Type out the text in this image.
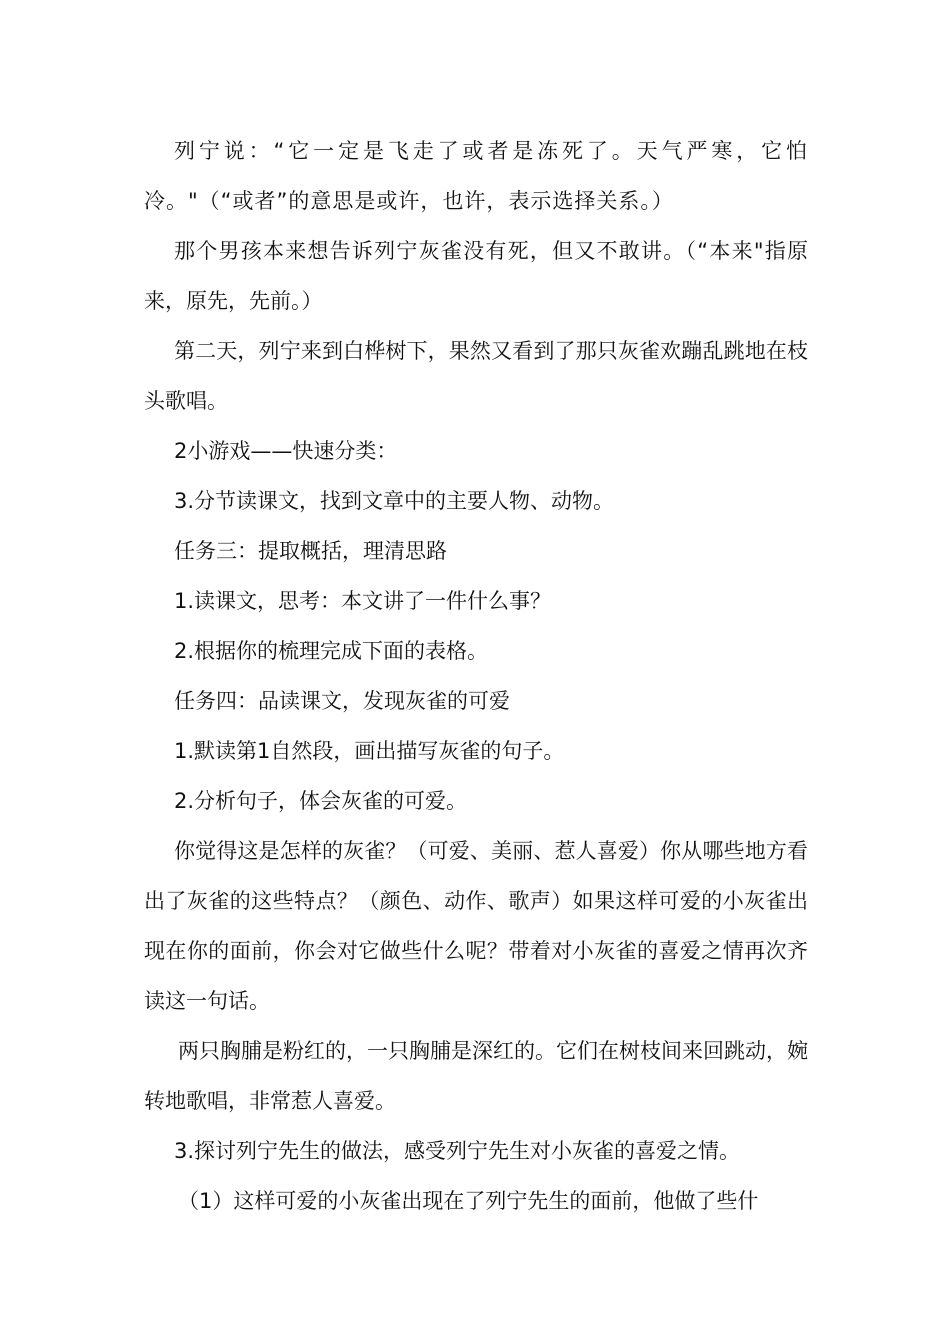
列宁说：“它一定是飞走了或者是冻死了。天气严寒，它怕冷。"（“或者”的意思是或许，也许，表示选择关系。）

那个男孩本来想告诉列宁灰雀没有死，但又不敢讲。（“本来"指原来，原先，先前。）

第二天，列宁来到白桦树下，果然又看到了那只灰雀欢蹦乱跳地在枝头歌唱。

2小游戏——快速分类：

3.分节读课文，找到文章中的主要人物、动物。

任务三：提取概括，理清思路

1.读课文，思考：本文讲了一件什么事？

2.根据你的梳理完成下面的表格。

任务四：品读课文，发现灰雀的可爱

1.默读第1自然段，画出描写灰雀的句子。

2.分析句子，体会灰雀的可爱。

你觉得这是怎样的灰雀？（可爱、美丽、惹人喜爱）你从哪些地方看出了灰雀的这些特点？（颜色、动作、歌声）如果这样可爱的小灰雀出现在你的面前，你会对它做些什么呢？带着对小灰雀的喜爱之情再次齐读这一句话。

两只胸脯是粉红的，一只胸脯是深红的。它们在树枝间来回跳动，婉转地歌唱，非常惹人喜爱。

3.探讨列宁先生的做法，感受列宁先生对小灰雀的喜爱之情。

（1）这样可爱的小灰雀出现在了列宁先生的面前，他做了些什
